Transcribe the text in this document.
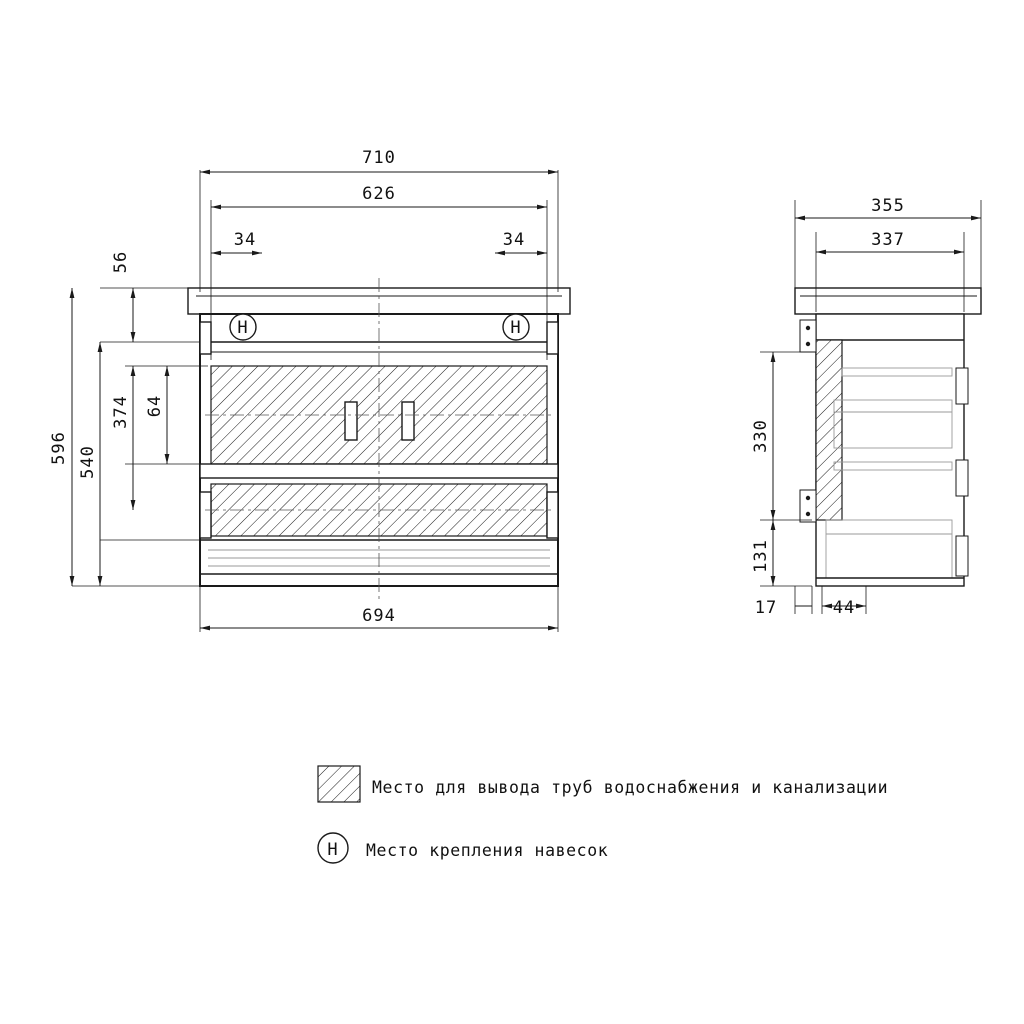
Н	Н
710
626
34	34
56
64
374
540
596
694
355
337
330
131
17	44
Место для вывода труб водоснабжения и канализации
Н Место крепления навесок
